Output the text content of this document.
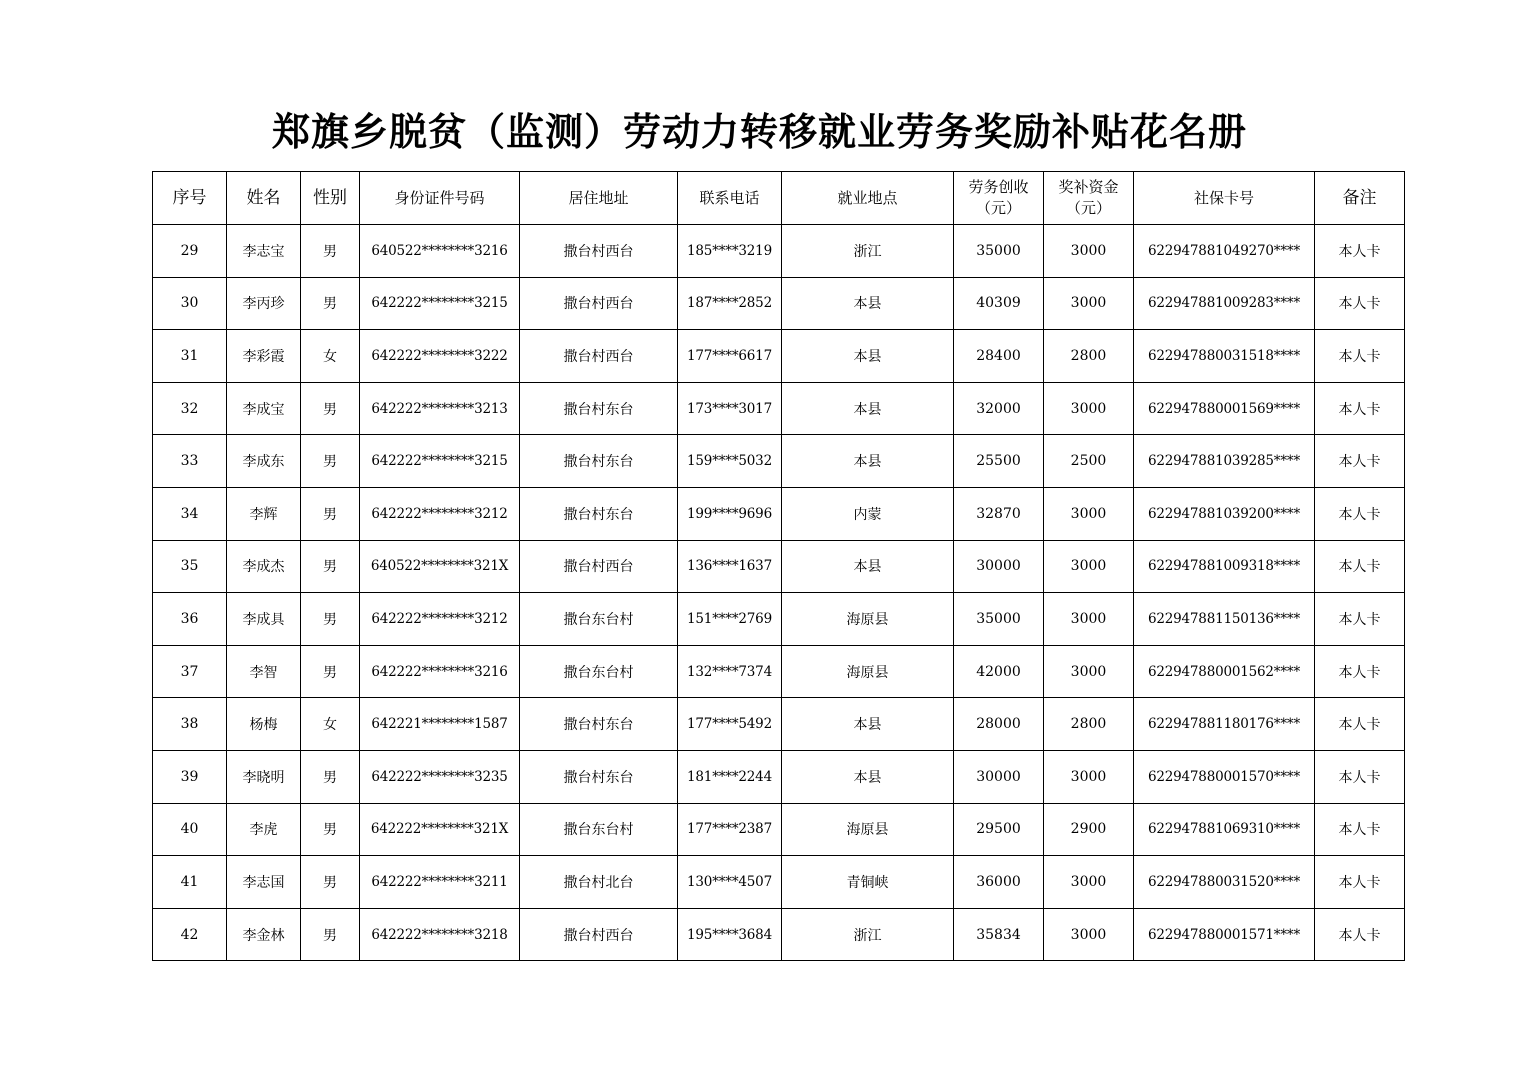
郑旗乡脱贫（监测）劳动力转移就业劳务奖励补贴花名册
序号	姓名	性别	身份证件号码	居住地址	联系电话	就业地点	劳务创收（元）	奖补资金（元）	社保卡号	备注
29	李志宝	男	640522********3216	撒台村西台	185****3219	浙江	35000	3000	622947881049270****	本人卡
30	李丙珍	男	642222********3215	撒台村西台	187****2852	本县	40309	3000	622947881009283****	本人卡
31	李彩霞	女	642222********3222	撒台村西台	177****6617	本县	28400	2800	622947880031518****	本人卡
32	李成宝	男	642222********3213	撒台村东台	173****3017	本县	32000	3000	622947880001569****	本人卡
33	李成东	男	642222********3215	撒台村东台	159****5032	本县	25500	2500	622947881039285****	本人卡
34	李辉	男	642222********3212	撒台村东台	199****9696	内蒙	32870	3000	622947881039200****	本人卡
35	李成杰	男	640522********321X	撒台村西台	136****1637	本县	30000	3000	622947881009318****	本人卡
36	李成具	男	642222********3212	撒台东台村	151****2769	海原县	35000	3000	622947881150136****	本人卡
37	李智	男	642222********3216	撒台东台村	132****7374	海原县	42000	3000	622947880001562****	本人卡
38	杨梅	女	642221********1587	撒台村东台	177****5492	本县	28000	2800	622947881180176****	本人卡
39	李晓明	男	642222********3235	撒台村东台	181****2244	本县	30000	3000	622947880001570****	本人卡
40	李虎	男	642222********321X	撒台东台村	177****2387	海原县	29500	2900	622947881069310****	本人卡
41	李志国	男	642222********3211	撒台村北台	130****4507	青铜峡	36000	3000	622947880031520****	本人卡
42	李金林	男	642222********3218	撒台村西台	195****3684	浙江	35834	3000	622947880001571****	本人卡
